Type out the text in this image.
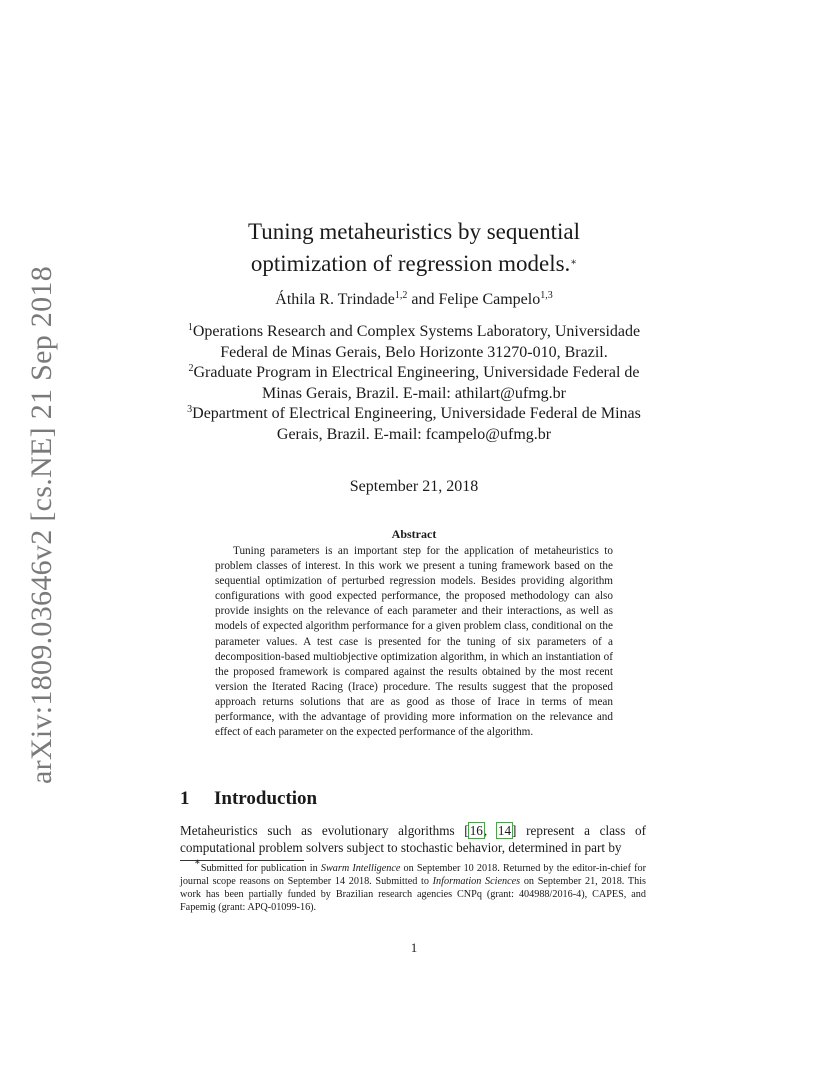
arXiv:1809.03646v2 [cs.NE] 21 Sep 2018
Tuning metaheuristics by sequential
optimization of regression models.∗
Áthila R. Trindade$^{1,2}$ and Felipe Campelo$^{1,3}$
$^1$Operations Research and Complex Systems Laboratory, Universidade Federal de Minas Gerais, Belo Horizonte 31270-010, Brazil.
$^2$Graduate Program in Electrical Engineering, Universidade Federal de Minas Gerais, Brazil. E-mail: athilart@ufmg.br
$^3$Department of Electrical Engineering, Universidade Federal de Minas Gerais, Brazil. E-mail: fcampelo@ufmg.br
September 21, 2018
Abstract
Tuning parameters is an important step for the application of metaheuristics to problem classes of interest. In this work we present a tuning framework based on the sequential optimization of perturbed regression models. Besides providing algorithm configurations with good expected performance, the proposed methodology can also provide insights on the relevance of each parameter and their interactions, as well as models of expected algorithm performance for a given problem class, conditional on the parameter values. A test case is presented for the tuning of six parameters of a decomposition-based multiobjective optimization algorithm, in which an instantiation of the proposed framework is compared against the results obtained by the most recent version the Iterated Racing (Irace) procedure. The results suggest that the proposed approach returns solutions that are as good as those of Irace in terms of mean performance, with the advantage of providing more information on the relevance and effect of each parameter on the expected performance of the algorithm.
1 Introduction
Metaheuristics such as evolutionary algorithms [16, 14] represent a class of computational problem solvers subject to stochastic behavior, determined in part by
∗Submitted for publication in Swarm Intelligence on September 10 2018. Returned by the editor-in-chief for journal scope reasons on September 14 2018. Submitted to Information Sciences on September 21, 2018. This work has been partially funded by Brazilian research agencies CNPq (grant: 404988/2016-4), CAPES, and Fapemig (grant: APQ-01099-16).
1
